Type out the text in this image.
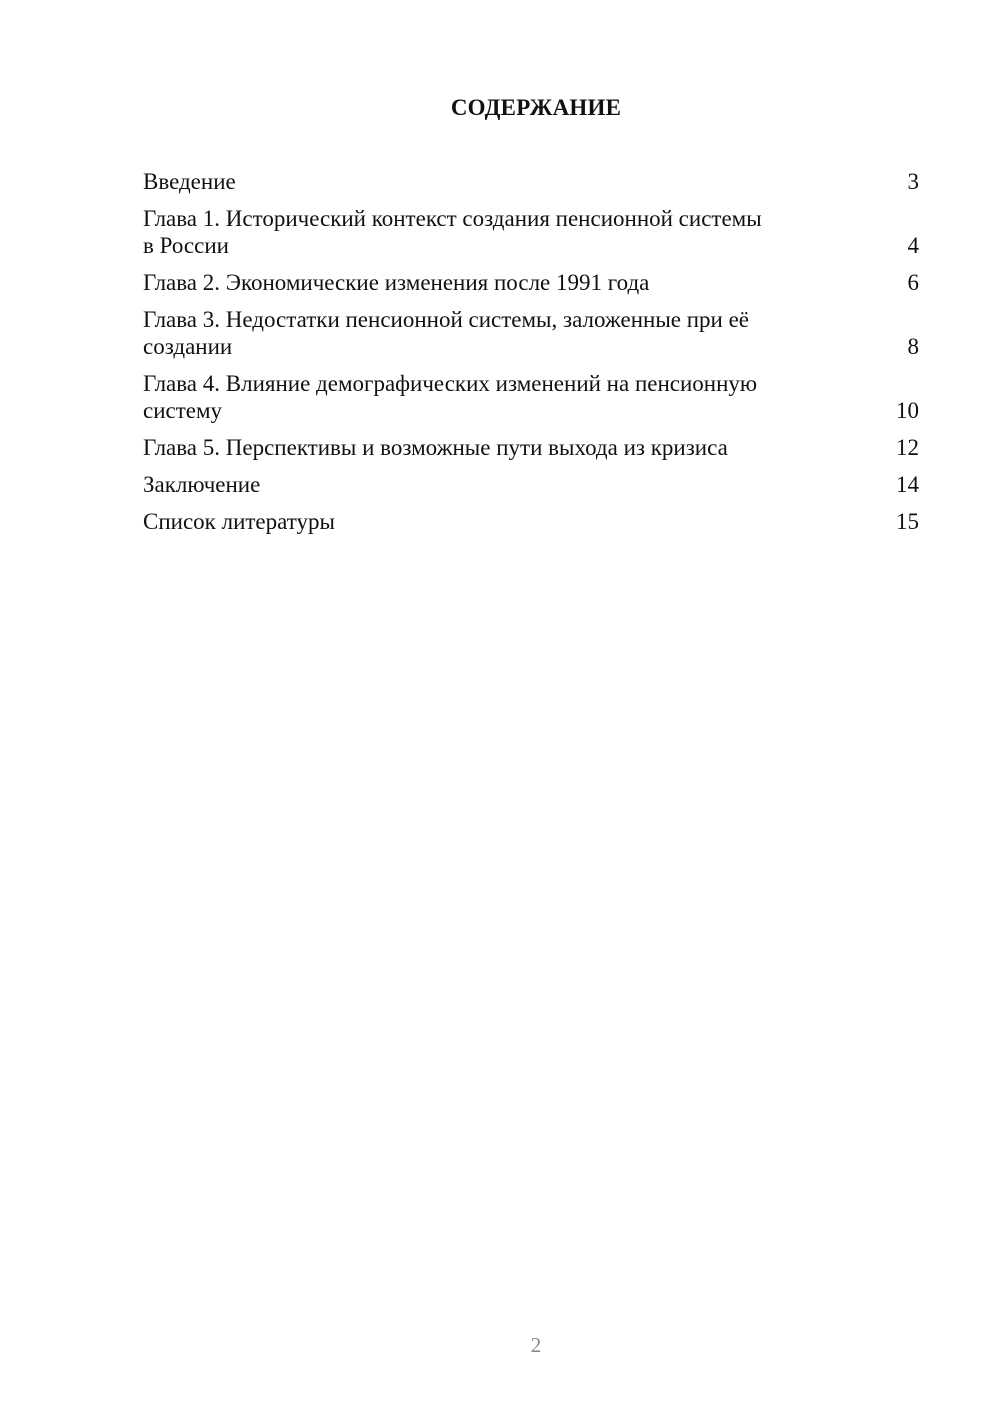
СОДЕРЖАНИЕ
Введение	3
Глава 1. Исторический контекст создания пенсионной системы
в России	4
Глава 2. Экономические изменения после 1991 года	6
Глава 3. Недостатки пенсионной системы, заложенные при её
создании	8
Глава 4. Влияние демографических изменений на пенсионную
систему	10
Глава 5. Перспективы и возможные пути выхода из кризиса	12
Заключение	14
Список литературы	15
2
